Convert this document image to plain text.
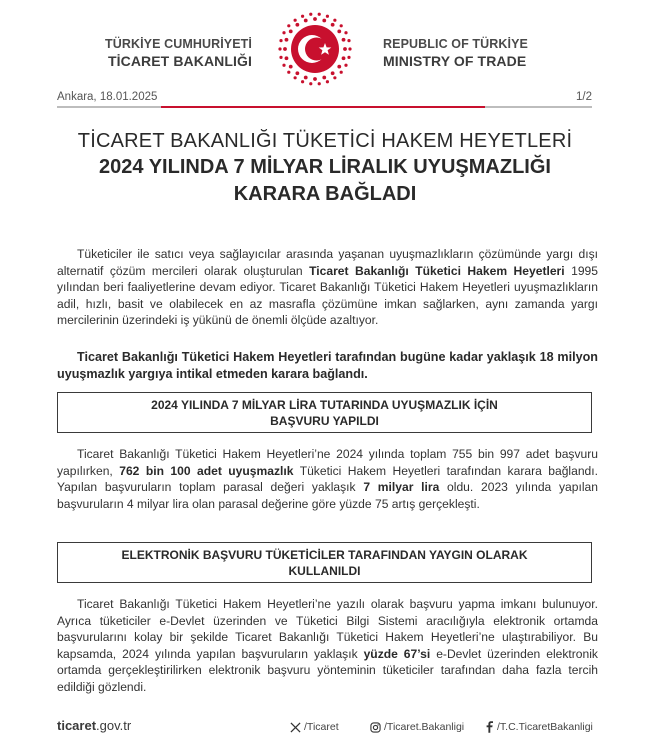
TÜRKİYE CUMHURİYETİ
TİCARET BAKANLIĞI
REPUBLIC OF TÜRKİYE
MINISTRY OF TRADE
Ankara, 18.01.2025	1/2
TİCARET BAKANLIĞI TÜKETİCİ HAKEM HEYETLERİ
2024 YILINDA 7 MİLYAR LİRALIK UYUŞMAZLIĞI
KARARA BAĞLADI

Tüketiciler ile satıcı veya sağlayıcılar arasında yaşanan uyuşmazlıkların çözümünde yargı dışı alternatif çözüm mercileri olarak oluşturulan Ticaret Bakanlığı Tüketici Hakem Heyetleri 1995 yılından beri faaliyetlerine devam ediyor. Ticaret Bakanlığı Tüketici Hakem Heyetleri uyuşmazlıkların adil, hızlı, basit ve olabilecek en az masrafla çözümüne imkan sağlarken, aynı zamanda yargı mercilerinin üzerindeki iş yükünü de önemli ölçüde azaltıyor.

Ticaret Bakanlığı Tüketici Hakem Heyetleri tarafından bugüne kadar yaklaşık 18 milyon uyuşmazlık yargıya intikal etmeden karara bağlandı.

2024 YILINDA 7 MİLYAR LİRA TUTARINDA UYUŞMAZLIK İÇİN
BAŞVURU YAPILDI

Ticaret Bakanlığı Tüketici Hakem Heyetleri’ne 2024 yılında toplam 755 bin 997 adet başvuru yapılırken, 762 bin 100 adet uyuşmazlık Tüketici Hakem Heyetleri tarafından karara bağlandı. Yapılan başvuruların toplam parasal değeri yaklaşık 7 milyar lira oldu. 2023 yılında yapılan başvuruların 4 milyar lira olan parasal değerine göre yüzde 75 artış gerçekleşti.

ELEKTRONİK BAŞVURU TÜKETİCİLER TARAFINDAN YAYGIN OLARAK
KULLANILDI

Ticaret Bakanlığı Tüketici Hakem Heyetleri’ne yazılı olarak başvuru yapma imkanı bulunuyor. Ayrıca tüketiciler e-Devlet üzerinden ve Tüketici Bilgi Sistemi aracılığıyla elektronik ortamda başvurularını kolay bir şekilde Ticaret Bakanlığı Tüketici Hakem Heyetleri’ne ulaştırabiliyor. Bu kapsamda, 2024 yılında yapılan başvuruların yaklaşık yüzde 67’si e-Devlet üzerinden elektronik ortamda gerçekleştirilirken elektronik başvuru yönteminin tüketiciler tarafından daha fazla tercih edildiği gözlendi.

ticaret.gov.tr	/Ticaret	/Ticaret.Bakanligi	/T.C.TicaretBakanligi
